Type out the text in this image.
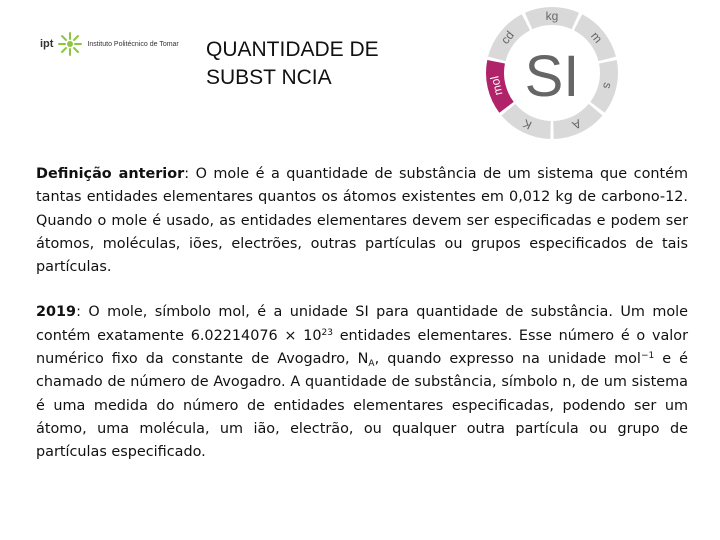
ipt	Instituto Politécnico de Tomar QUANTIDADE DE
SUBST NCIA
kg
m
s
A
K
mol
cd
SI

Definição anterior: O mole é a quantidade de substância de um sistema que contém tantas entidades elementares quantos os átomos existentes em 0,012 kg de carbono-12. Quando o mole é usado, as entidades elementares devem ser especificadas e podem ser átomos, moléculas, iões, electrões, outras partículas ou grupos especificados de tais partículas.

2019: O mole, símbolo mol, é a unidade SI para quantidade de substância. Um mole contém exatamente $6.02214076 \times 10^{23}$ entidades elementares. Esse número é o valor numérico fixo da constante de Avogadro, $N_A$, quando expresso na unidade mol$^{-1}$ e é chamado de número de Avogadro. A quantidade de substância, símbolo n, de um sistema é uma medida do número de entidades elementares especificadas, podendo ser um átomo, uma molécula, um ião, electrão, ou qualquer outra partícula ou grupo de partículas especificado.
